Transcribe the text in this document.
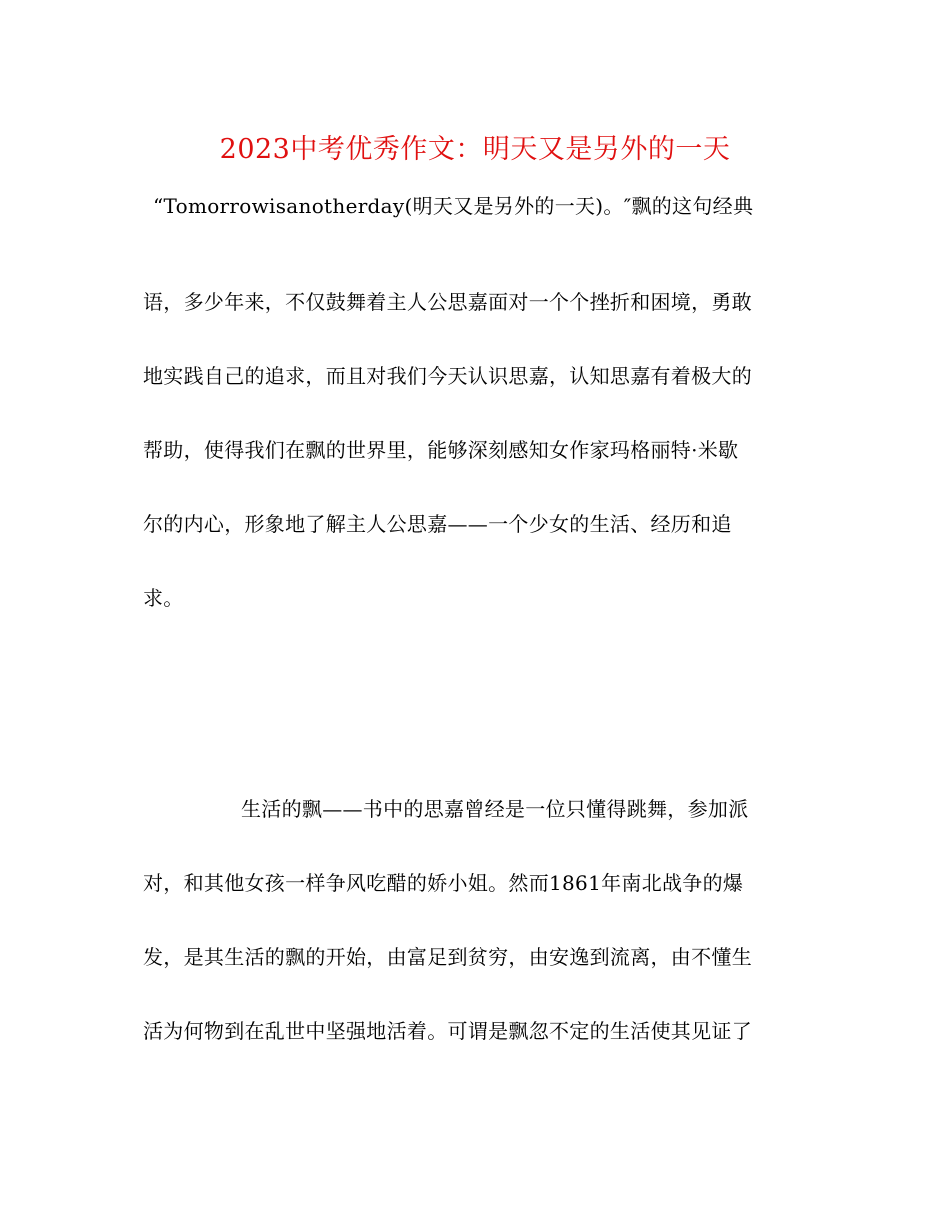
2023中考优秀作文：明天又是另外的一天
“Tomorrowisanotherday(明天又是另外的一天)。″飘的这句经典
语，多少年来，不仅鼓舞着主人公思嘉面对一个个挫折和困境，勇敢
地实践自己的追求，而且对我们今天认识思嘉，认知思嘉有着极大的
帮助，使得我们在飘的世界里，能够深刻感知女作家玛格丽特·米歇
尔的内心，形象地了解主人公思嘉——一个少女的生活、经历和追
求。
生活的飘——书中的思嘉曾经是一位只懂得跳舞，参加派
对，和其他女孩一样争风吃醋的娇小姐。然而1861年南北战争的爆
发，是其生活的飘的开始，由富足到贫穷，由安逸到流离，由不懂生
活为何物到在乱世中坚强地活着。可谓是飘忽不定的生活使其见证了
